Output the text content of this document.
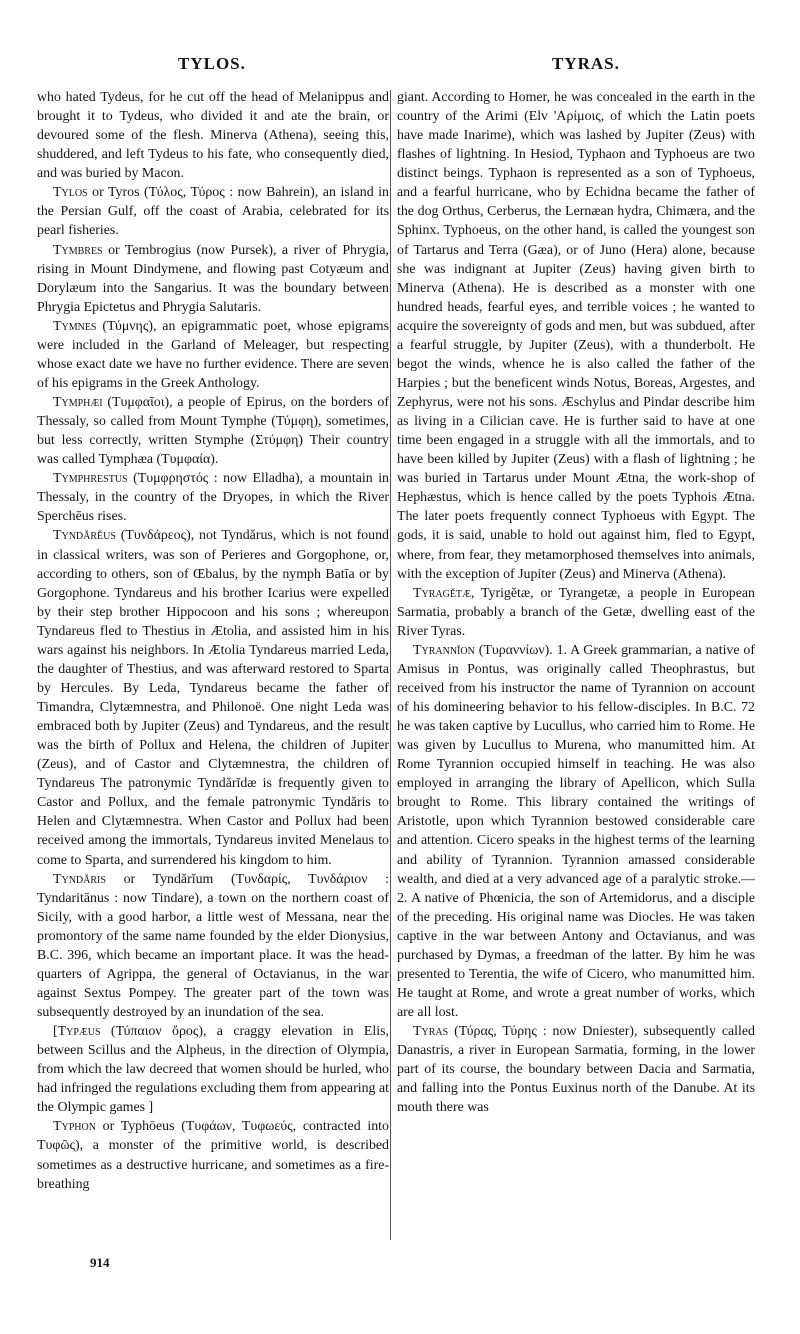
TYLOS.	TYRAS.

who hated Tydeus, for he cut off the head of Melanippus and brought it to Tydeus, who divided it and ate the brain, or devoured some of the flesh. Minerva (Athena), seeing this, shuddered, and left Tydeus to his fate, who consequently died, and was buried by Macon.

Tylos or Tyros (Τύλος, Τύρος : now Bahrein), an island in the Persian Gulf, off the coast of Arabia, celebrated for its pearl fisheries.

Tymbres or Tembrogius (now Pursek), a river of Phrygia, rising in Mount Dindymene, and flowing past Cotyæum and Dorylæum into the Sangarius. It was the boundary between Phrygia Epictetus and Phrygia Salutaris.

Tymnes (Τύμνης), an epigrammatic poet, whose epigrams were included in the Garland of Meleager, but respecting whose exact date we have no further evidence. There are seven of his epigrams in the Greek Anthology.

Tymphæi (Τυμφαῖοι), a people of Epirus, on the borders of Thessaly, so called from Mount Tymphe (Τύμφη), sometimes, but less correctly, written Stymphe (Στύμφη) Their country was called Tymphæa (Τυμφαία).

Tymphrestus (Τυμφρηστός : now Elladha), a mountain in Thessaly, in the country of the Dryopes, in which the River Sperchēus rises.

Tyndărĕus (Τυνδάρεος), not Tyndărus, which is not found in classical writers, was son of Perieres and Gorgophone, or, according to others, son of Œbalus, by the nymph Batīa or by Gorgophone. Tyndareus and his brother Icarius were expelled by their step brother Hippocoon and his sons ; whereupon Tyndareus fled to Thestius in Ætolia, and assisted him in his wars against his neighbors. In Ætolia Tyndareus married Leda, the daughter of Thestius, and was afterward restored to Sparta by Hercules. By Leda, Tyndareus became the father of Timandra, Clytæmnestra, and Philonoë. One night Leda was embraced both by Jupiter (Zeus) and Tyndareus, and the result was the birth of Pollux and Helena, the children of Jupiter (Zeus), and of Castor and Clytæmnestra, the children of Tyndareus The patronymic Tyndărĭdæ is frequently given to Castor and Pollux, and the female patronymic Tyndăris to Helen and Clytæmnestra. When Castor and Pollux had been received among the immortals, Tyndareus invited Menelaus to come to Sparta, and surrendered his kingdom to him.

Tyndăris or Tyndărĭum (Τυνδαρίς, Τυνδάριον : Tyndaritānus : now Tindare), a town on the northern coast of Sicily, with a good harbor, a little west of Messana, near the promontory of the same name founded by the elder Dionysius, B.C. 396, which became an important place. It was the head-quarters of Agrippa, the general of Octavianus, in the war against Sextus Pompey. The greater part of the town was subsequently destroyed by an inundation of the sea.

[Typæus (Τύπαιον ὄρος), a craggy elevation in Elis, between Scillus and the Alpheus, in the direction of Olympia, from which the law decreed that women should be hurled, who had infringed the regulations excluding them from appearing at the Olympic games ]

Typhon or Typhōeus (Τυφάων, Τυφωεύς, contracted into Τυφῶς), a monster of the primitive world, is described sometimes as a destructive hurricane, and sometimes as a fire-breathing

giant. According to Homer, he was concealed in the earth in the country of the Arimi (Elv 'Αρίμοις, of which the Latin poets have made Inarime), which was lashed by Jupiter (Zeus) with flashes of lightning. In Hesiod, Typhaon and Typhoeus are two distinct beings. Typhaon is represented as a son of Typhoeus, and a fearful hurricane, who by Echidna became the father of the dog Orthus, Cerberus, the Lernæan hydra, Chimæra, and the Sphinx. Typhoeus, on the other hand, is called the youngest son of Tartarus and Terra (Gæa), or of Juno (Hera) alone, because she was indignant at Jupiter (Zeus) having given birth to Minerva (Athena). He is described as a monster with one hundred heads, fearful eyes, and terrible voices ; he wanted to acquire the sovereignty of gods and men, but was subdued, after a fearful struggle, by Jupiter (Zeus), with a thunderbolt. He begot the winds, whence he is also called the father of the Harpies ; but the beneficent winds Notus, Boreas, Argestes, and Zephyrus, were not his sons. Æschylus and Pindar describe him as living in a Cilician cave. He is further said to have at one time been engaged in a struggle with all the immortals, and to have been killed by Jupiter (Zeus) with a flash of lightning ; he was buried in Tartarus under Mount Ætna, the work-shop of Hephæstus, which is hence called by the poets Typhois Ætna. The later poets frequently connect Typhoeus with Egypt. The gods, it is said, unable to hold out against him, fled to Egypt, where, from fear, they metamorphosed themselves into animals, with the exception of Jupiter (Zeus) and Minerva (Athena).

Tyragĕtæ, Tyrigĕtæ, or Tyrangetæ, a people in European Sarmatia, probably a branch of the Getæ, dwelling east of the River Tyras.

Tyrannĭon (Τυραννίων). 1. A Greek grammarian, a native of Amisus in Pontus, was originally called Theophrastus, but received from his instructor the name of Tyrannion on account of his domineering behavior to his fellow-disciples. In B.C. 72 he was taken captive by Lucullus, who carried him to Rome. He was given by Lucullus to Murena, who manumitted him. At Rome Tyrannion occupied himself in teaching. He was also employed in arranging the library of Apellicon, which Sulla brought to Rome. This library contained the writings of Aristotle, upon which Tyrannion bestowed considerable care and attention. Cicero speaks in the highest terms of the learning and ability of Tyrannion. Tyrannion amassed considerable wealth, and died at a very advanced age of a paralytic stroke.—2. A native of Phœnicia, the son of Artemidorus, and a disciple of the preceding. His original name was Diocles. He was taken captive in the war between Antony and Octavianus, and was purchased by Dymas, a freedman of the latter. By him he was presented to Terentia, the wife of Cicero, who manumitted him. He taught at Rome, and wrote a great number of works, which are all lost.

Tyras (Τύρας, Τύρης : now Dniester), subsequently called Danastris, a river in European Sarmatia, forming, in the lower part of its course, the boundary between Dacia and Sarmatia, and falling into the Pontus Euxinus north of the Danube. At its mouth there was

914
